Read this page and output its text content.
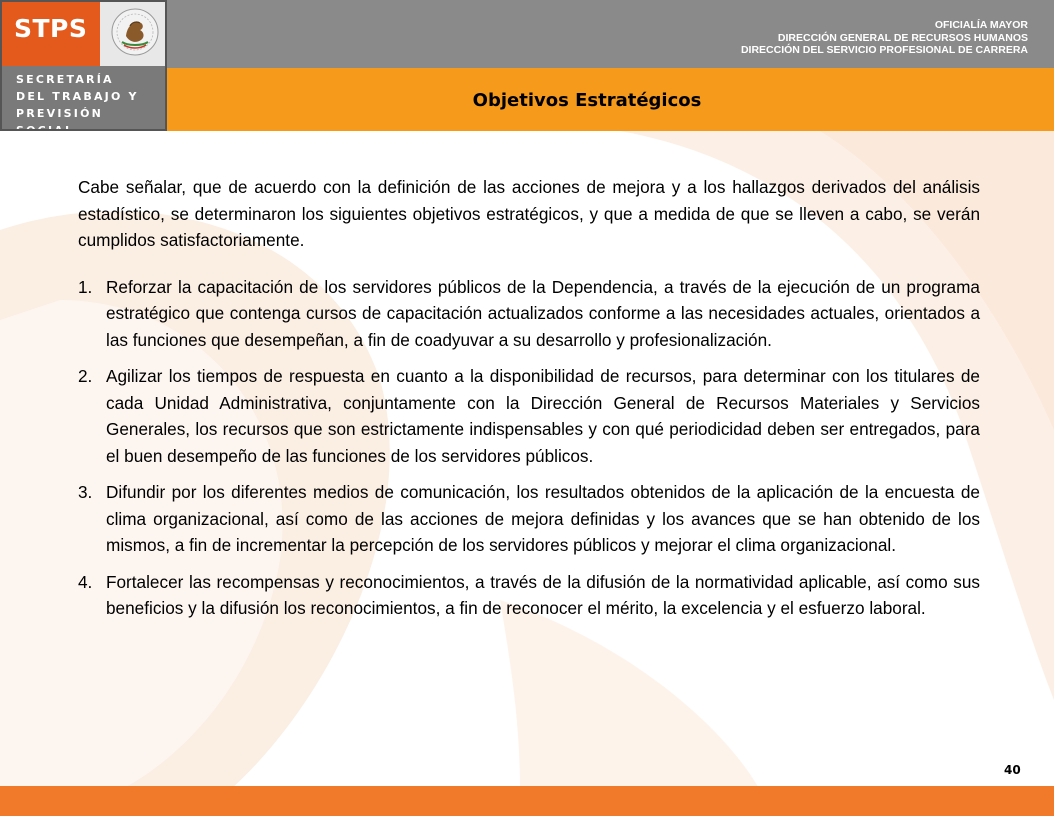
STPS
SECRETARÍA
DEL TRABAJO Y
PREVISIÓN SOCIAL
OFICIALÍA MAYOR
DIRECCIÓN GENERAL DE RECURSOS HUMANOS
DIRECCIÓN DEL SERVICIO PROFESIONAL DE CARRERA
Objetivos Estratégicos

Cabe señalar, que de acuerdo con la definición de las acciones de mejora y a los hallazgos derivados del análisis estadístico, se determinaron los siguientes objetivos estratégicos, y que a medida de que se lleven a cabo, se verán cumplidos satisfactoriamente.

1. Reforzar la capacitación de los servidores públicos de la Dependencia, a través de la ejecución de un programa estratégico que contenga cursos de capacitación actualizados conforme a las necesidades actuales, orientados a las funciones que desempeñan, a fin de coadyuvar a su desarrollo y profesionalización.
2. Agilizar los tiempos de respuesta en cuanto a la disponibilidad de recursos, para determinar con los titulares de cada Unidad Administrativa, conjuntamente con la Dirección General de Recursos Materiales y Servicios Generales, los recursos que son estrictamente indispensables y con qué periodicidad deben ser entregados, para el buen desempeño de las funciones de los servidores públicos.
3. Difundir por los diferentes medios de comunicación, los resultados obtenidos de la aplicación de la encuesta de clima organizacional, así como de las acciones de mejora definidas y los avances que se han obtenido de los mismos, a fin de incrementar la percepción de los servidores públicos y mejorar el clima organizacional.
4. Fortalecer las recompensas y reconocimientos, a través de la difusión de la normatividad aplicable, así como sus beneficios y la difusión los reconocimientos, a fin de reconocer el mérito, la excelencia y el esfuerzo laboral.
40
